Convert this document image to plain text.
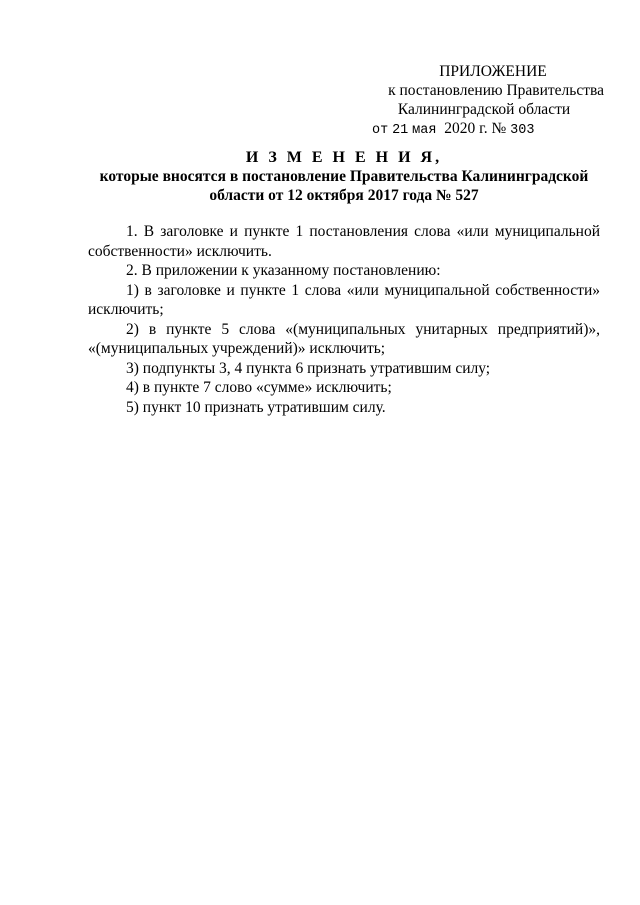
ПРИЛОЖЕНИЕ
к постановлению Правительства
Калининградской области
от 21 мая 2020 г. № 303
И З М Е Н Е Н И Я,
которые вносятся в постановление Правительства Калининградской
области от 12 октября 2017 года № 527

1. В заголовке и пункте 1 постановления слова «или муниципальной собственности» исключить.

2. В приложении к указанному постановлению:

1) в заголовке и пункте 1 слова «или муниципальной собственности» исключить;

2) в пункте 5 слова «(муниципальных унитарных предприятий)», «(муниципальных учреждений)» исключить;

3) подпункты 3, 4 пункта 6 признать утратившим силу;

4) в пункте 7 слово «сумме» исключить;

5) пункт 10 признать утратившим силу.
